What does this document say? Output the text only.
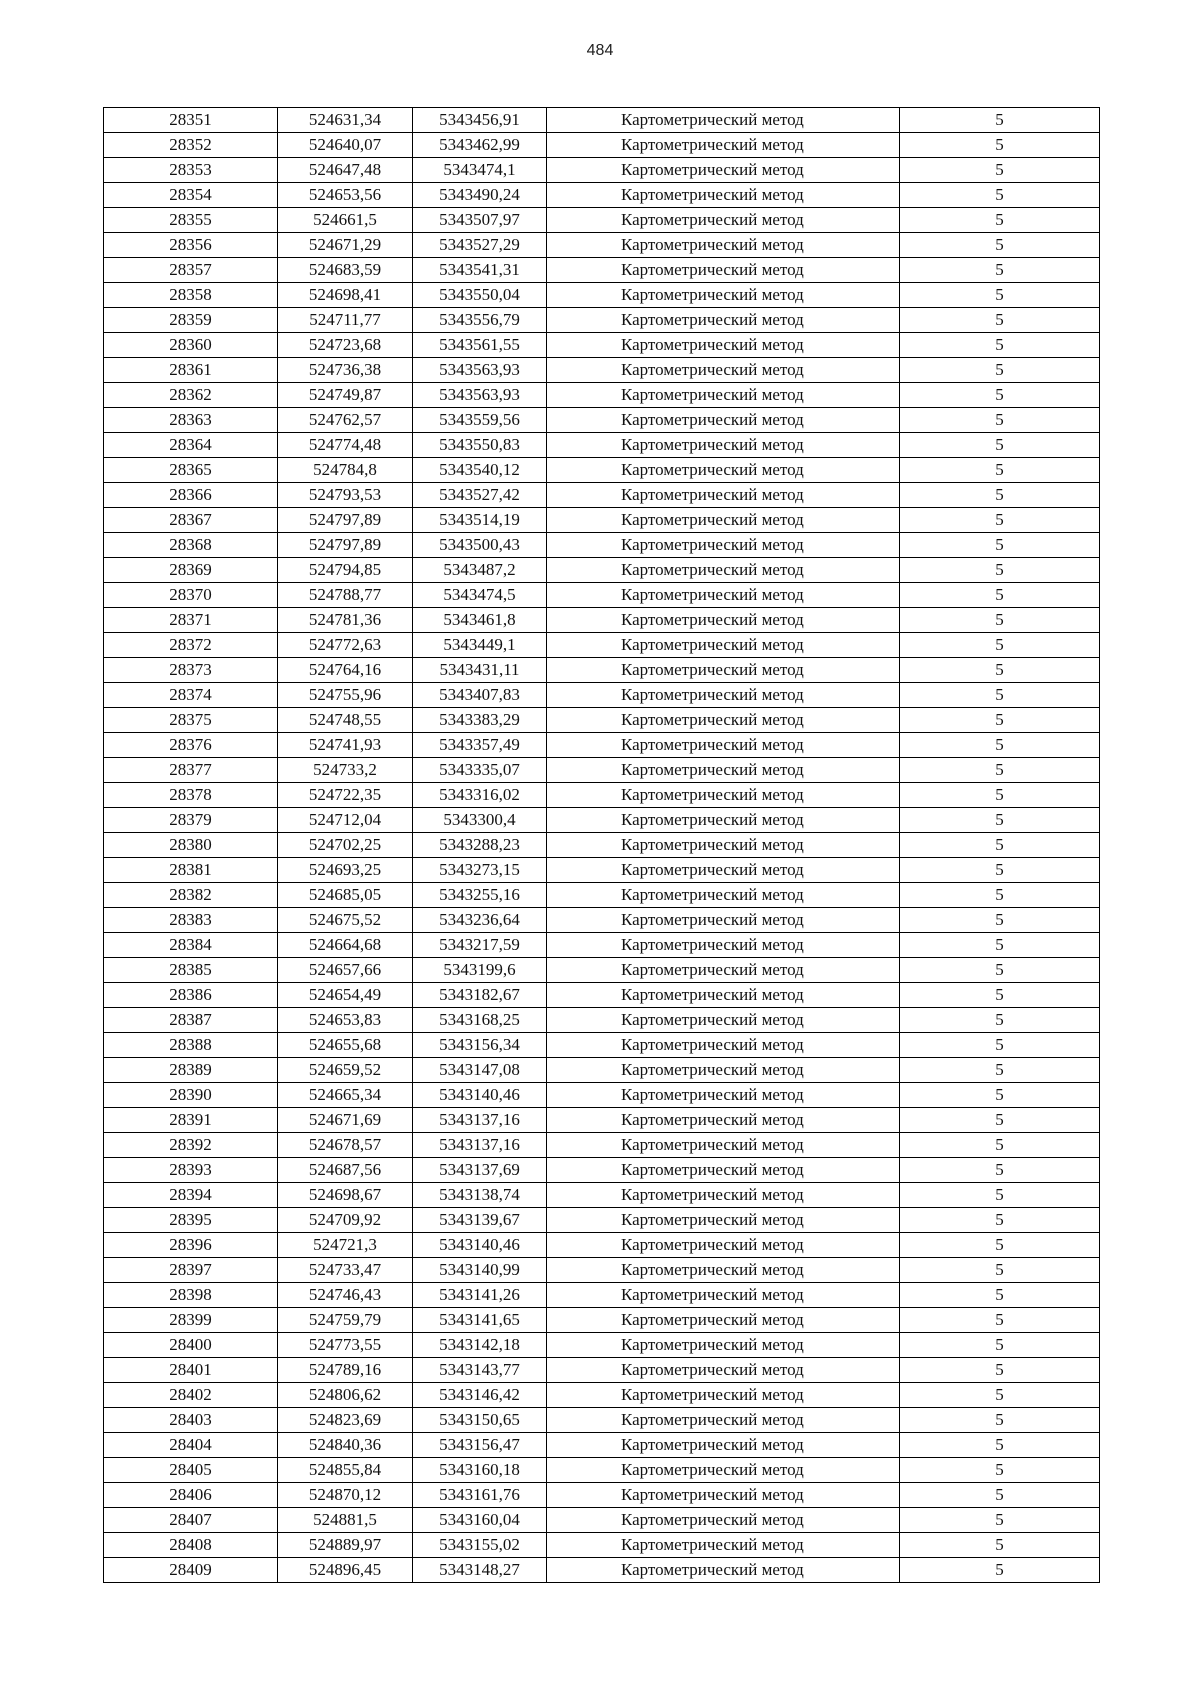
484
28351	524631,34	5343456,91	Картометрический метод	5
28352	524640,07	5343462,99	Картометрический метод	5
28353	524647,48	5343474,1	Картометрический метод	5
28354	524653,56	5343490,24	Картометрический метод	5
28355	524661,5	5343507,97	Картометрический метод	5
28356	524671,29	5343527,29	Картометрический метод	5
28357	524683,59	5343541,31	Картометрический метод	5
28358	524698,41	5343550,04	Картометрический метод	5
28359	524711,77	5343556,79	Картометрический метод	5
28360	524723,68	5343561,55	Картометрический метод	5
28361	524736,38	5343563,93	Картометрический метод	5
28362	524749,87	5343563,93	Картометрический метод	5
28363	524762,57	5343559,56	Картометрический метод	5
28364	524774,48	5343550,83	Картометрический метод	5
28365	524784,8	5343540,12	Картометрический метод	5
28366	524793,53	5343527,42	Картометрический метод	5
28367	524797,89	5343514,19	Картометрический метод	5
28368	524797,89	5343500,43	Картометрический метод	5
28369	524794,85	5343487,2	Картометрический метод	5
28370	524788,77	5343474,5	Картометрический метод	5
28371	524781,36	5343461,8	Картометрический метод	5
28372	524772,63	5343449,1	Картометрический метод	5
28373	524764,16	5343431,11	Картометрический метод	5
28374	524755,96	5343407,83	Картометрический метод	5
28375	524748,55	5343383,29	Картометрический метод	5
28376	524741,93	5343357,49	Картометрический метод	5
28377	524733,2	5343335,07	Картометрический метод	5
28378	524722,35	5343316,02	Картометрический метод	5
28379	524712,04	5343300,4	Картометрический метод	5
28380	524702,25	5343288,23	Картометрический метод	5
28381	524693,25	5343273,15	Картометрический метод	5
28382	524685,05	5343255,16	Картометрический метод	5
28383	524675,52	5343236,64	Картометрический метод	5
28384	524664,68	5343217,59	Картометрический метод	5
28385	524657,66	5343199,6	Картометрический метод	5
28386	524654,49	5343182,67	Картометрический метод	5
28387	524653,83	5343168,25	Картометрический метод	5
28388	524655,68	5343156,34	Картометрический метод	5
28389	524659,52	5343147,08	Картометрический метод	5
28390	524665,34	5343140,46	Картометрический метод	5
28391	524671,69	5343137,16	Картометрический метод	5
28392	524678,57	5343137,16	Картометрический метод	5
28393	524687,56	5343137,69	Картометрический метод	5
28394	524698,67	5343138,74	Картометрический метод	5
28395	524709,92	5343139,67	Картометрический метод	5
28396	524721,3	5343140,46	Картометрический метод	5
28397	524733,47	5343140,99	Картометрический метод	5
28398	524746,43	5343141,26	Картометрический метод	5
28399	524759,79	5343141,65	Картометрический метод	5
28400	524773,55	5343142,18	Картометрический метод	5
28401	524789,16	5343143,77	Картометрический метод	5
28402	524806,62	5343146,42	Картометрический метод	5
28403	524823,69	5343150,65	Картометрический метод	5
28404	524840,36	5343156,47	Картометрический метод	5
28405	524855,84	5343160,18	Картометрический метод	5
28406	524870,12	5343161,76	Картометрический метод	5
28407	524881,5	5343160,04	Картометрический метод	5
28408	524889,97	5343155,02	Картометрический метод	5
28409	524896,45	5343148,27	Картометрический метод	5
